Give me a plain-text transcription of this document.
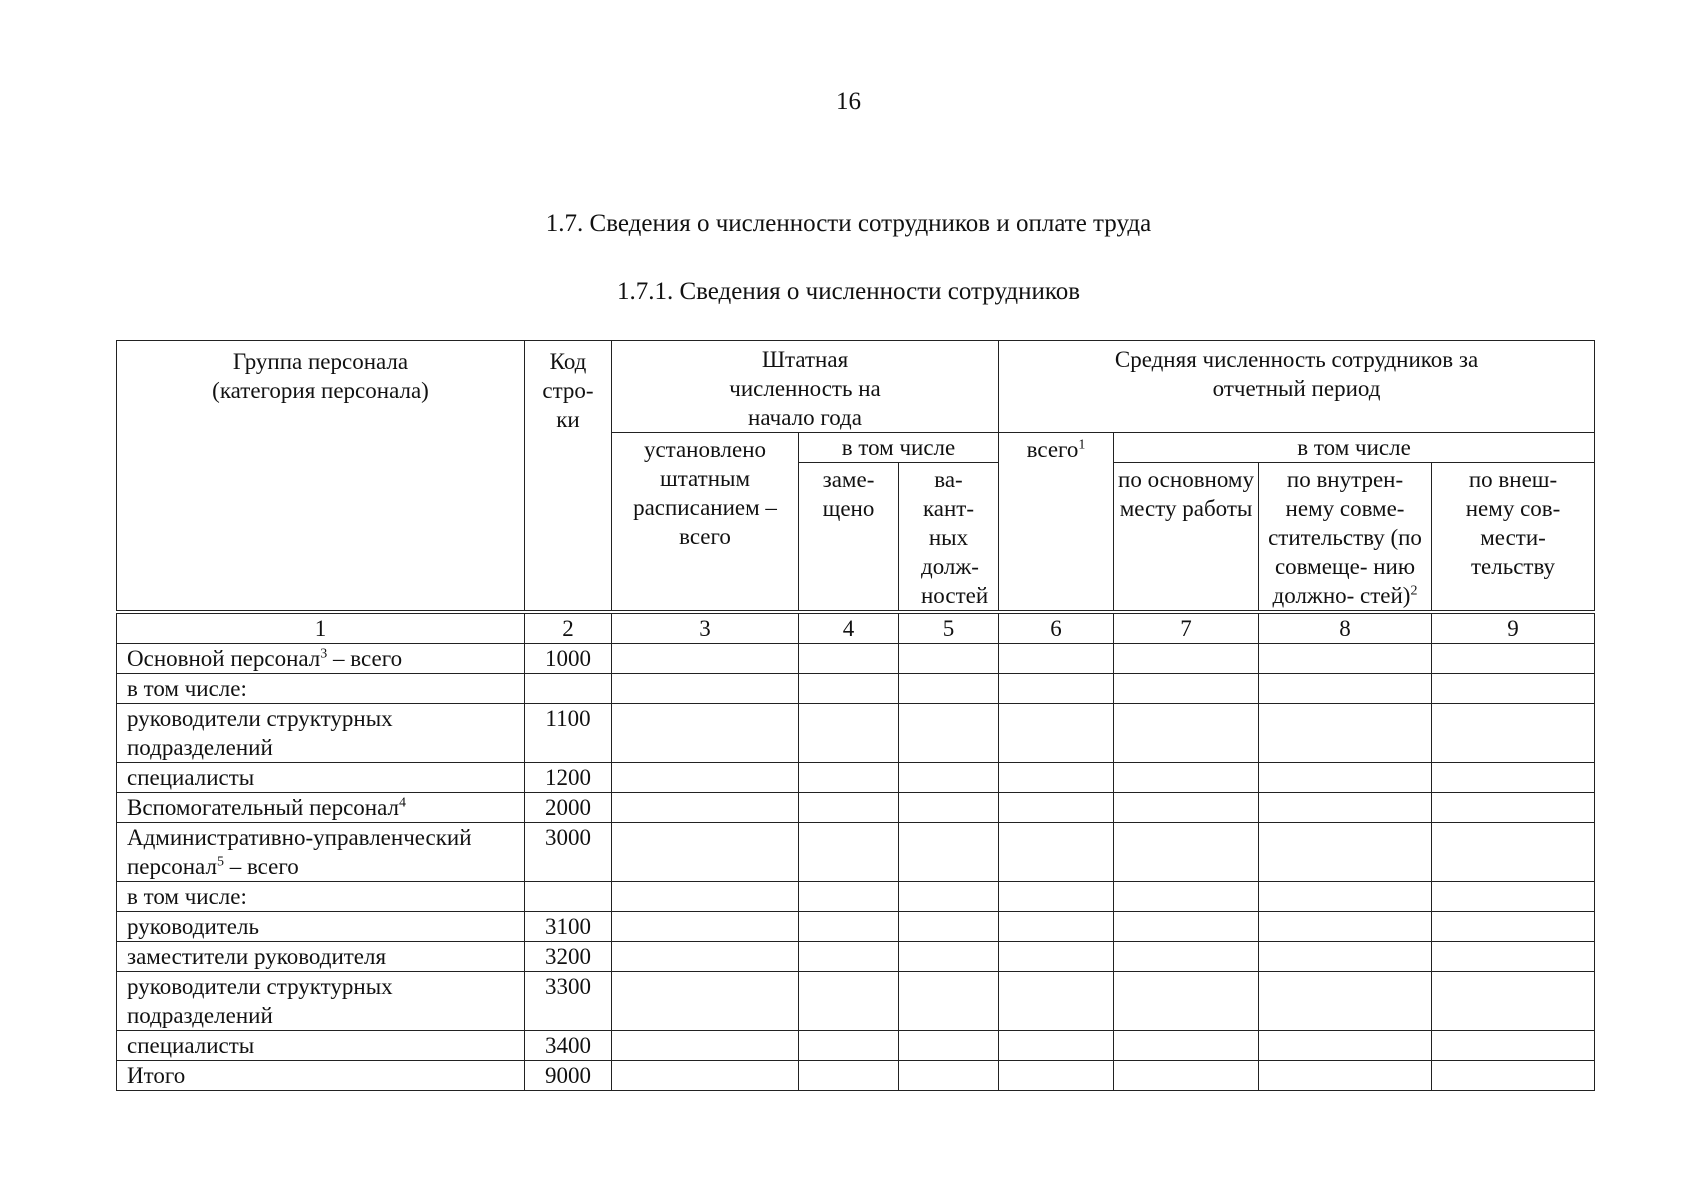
16
1.7. Сведения о численности сотрудников и оплате труда
1.7.1. Сведения о численности сотрудников
Группа персонала (категория персонала)	Код стро- ки	Штатная численность на начало года			Средняя численность сотрудников за отчетный период			
		установлено штатным расписанием – всего	в том числе		всего$^1$	в том числе		
			заме- щено	ва- кант- ных долж- ностей		по основному месту работы	по внутрен- нему совме- стительству (по совмеще- нию должно- стей)$^2$	по внеш- нему сов- мести- тельству
1	2	3	4	5	6	7	8	9
Основной персонал$^3$ – всего	1000							
в том числе:								
руководители структурных подразделений	1100							
специалисты	1200							
Вспомогательный персонал$^4$	2000							
Административно-управленческий персонал$^5$ – всего	3000							
в том числе:								
руководитель	3100							
заместители руководителя	3200							
руководители структурных подразделений	3300							
специалисты	3400							
Итого	9000							
